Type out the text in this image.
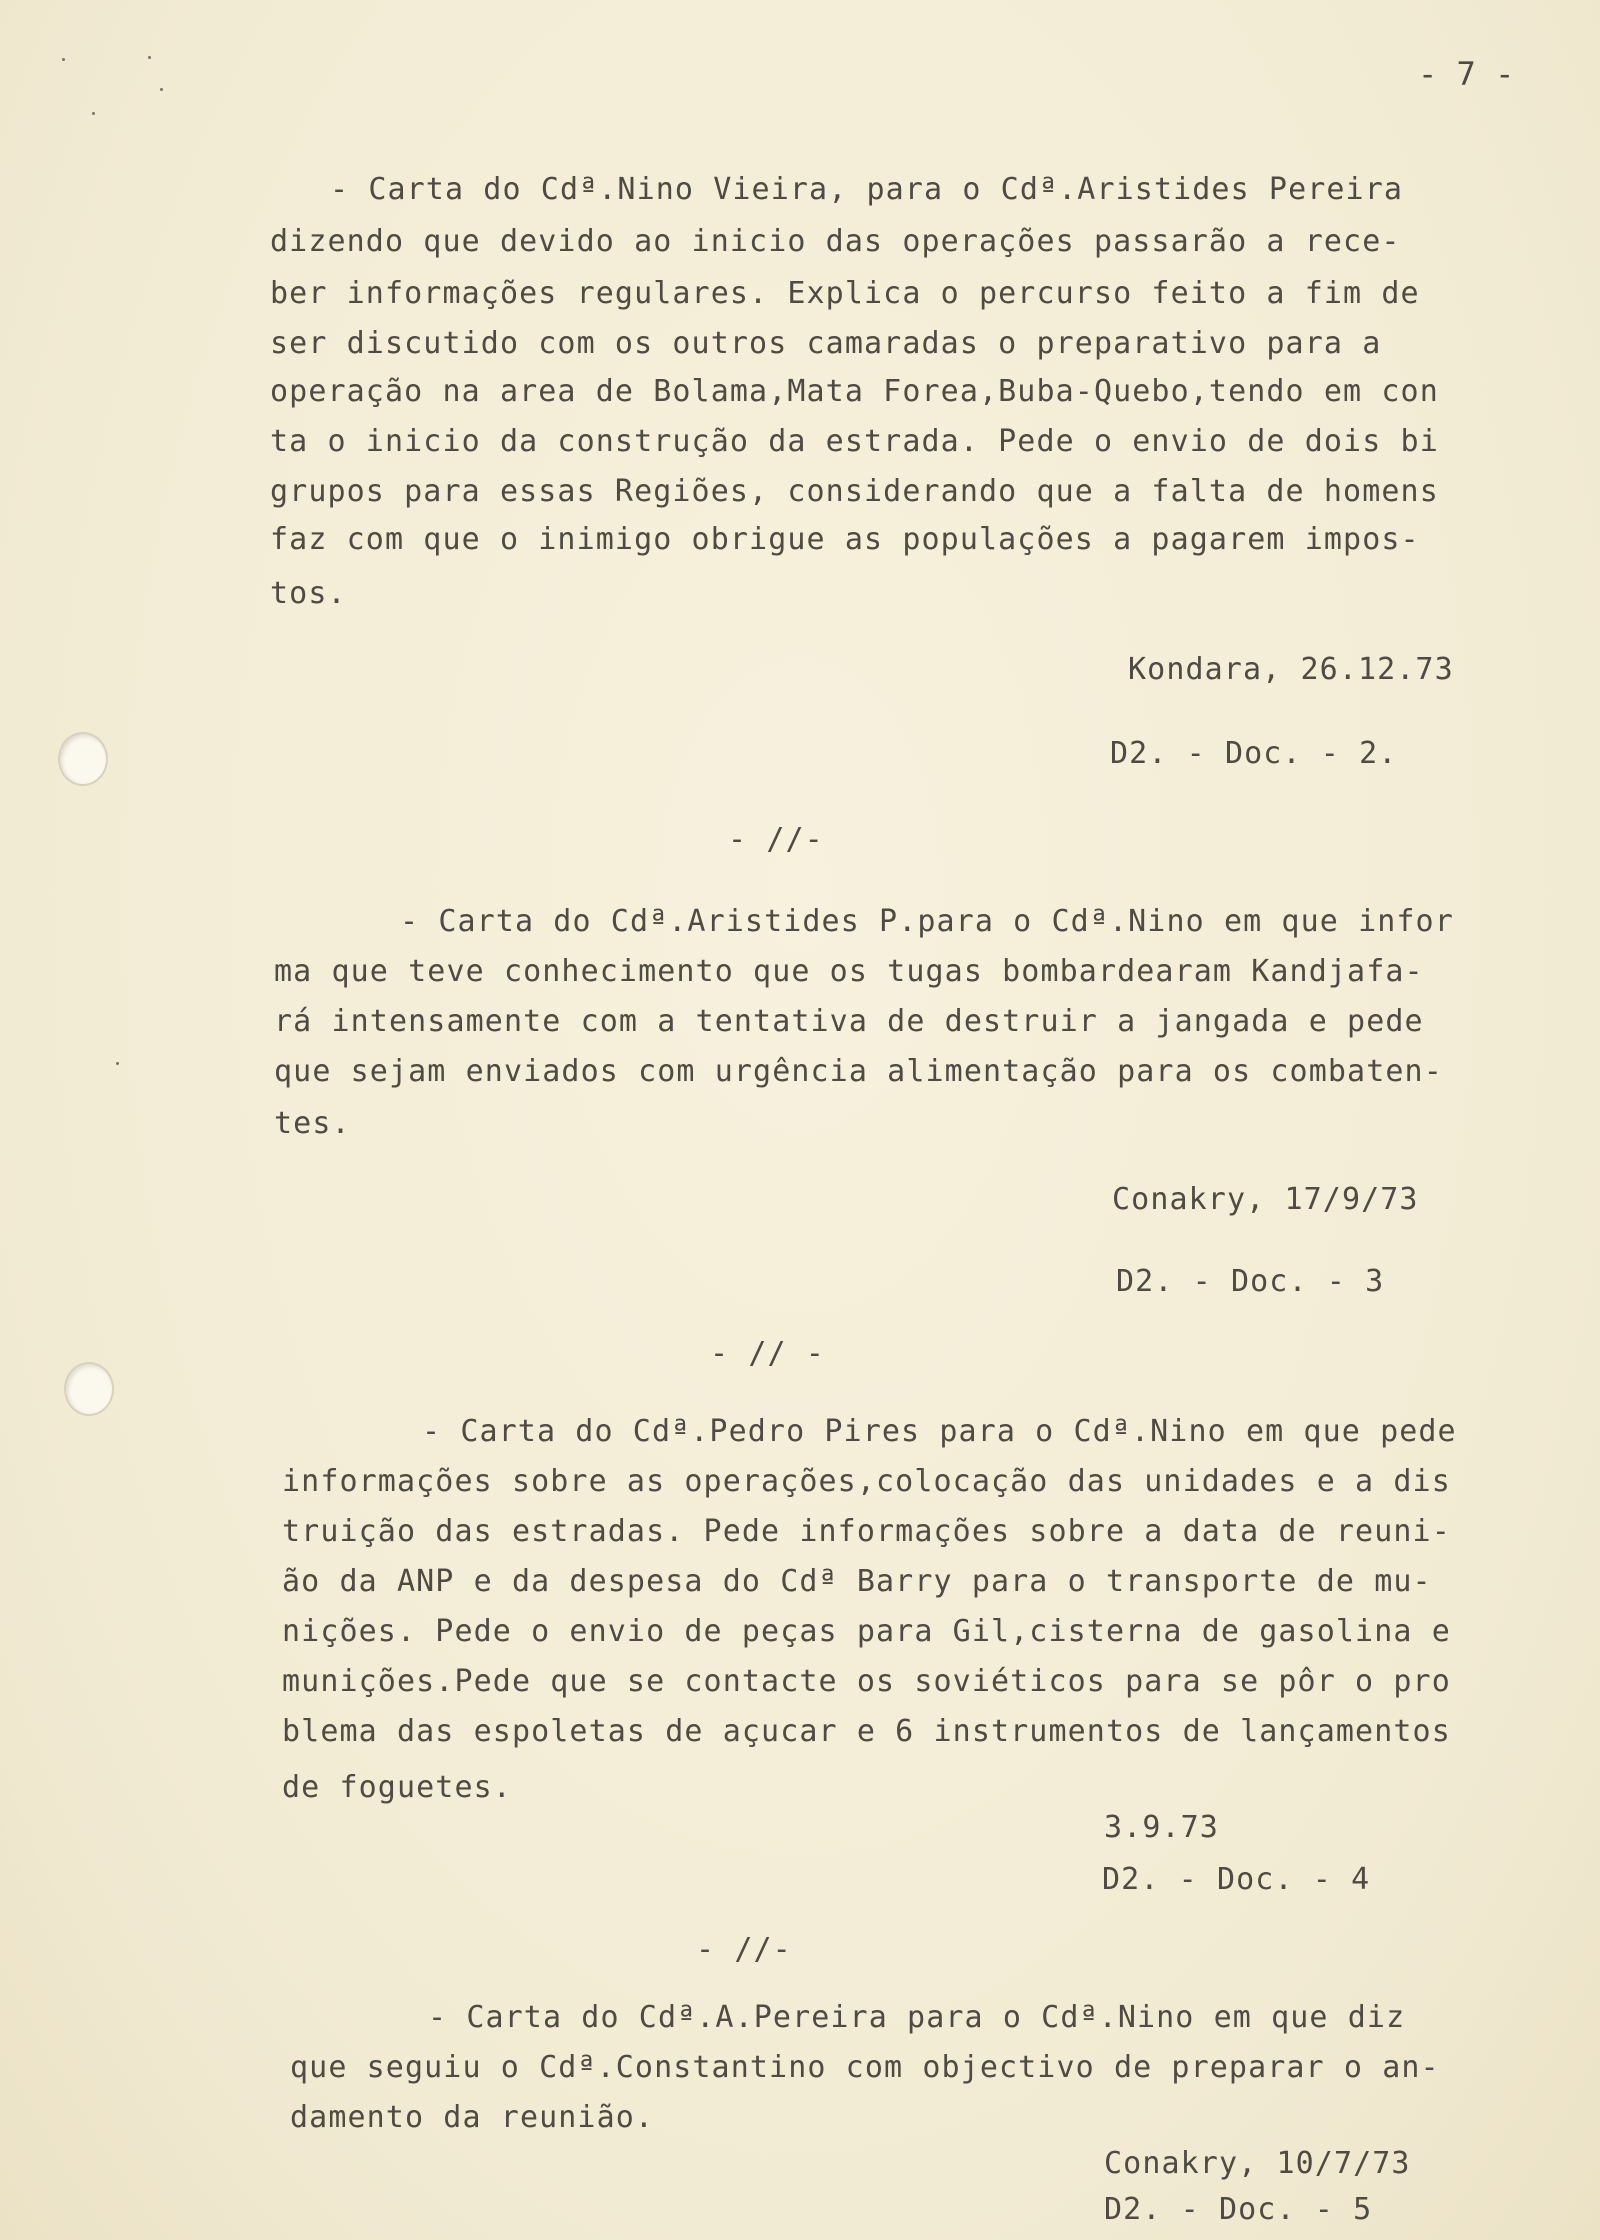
- 7 -
- Carta do Cdª.Nino Vieira, para o Cdª.Aristides Pereira
dizendo que devido ao inicio das operações passarão a rece-
ber informações regulares. Explica o percurso feito a fim de
ser discutido com os outros camaradas o preparativo para a
operação na area de Bolama,Mata Forea,Buba-Quebo,tendo em con
ta o inicio da construção da estrada. Pede o envio de dois bi
grupos para essas Regiões, considerando que a falta de homens
faz com que o inimigo obrigue as populações a pagarem impos-
tos.
Kondara, 26.12.73
D2. - Doc. - 2.
- //-
- Carta do Cdª.Aristides P.para o Cdª.Nino em que infor
ma que teve conhecimento que os tugas bombardearam Kandjafa-
rá intensamente com a tentativa de destruir a jangada e pede
que sejam enviados com urgência alimentação para os combaten-
tes.
Conakry, 17/9/73
D2. - Doc. - 3
- // -
- Carta do Cdª.Pedro Pires para o Cdª.Nino em que pede
informações sobre as operações,colocação das unidades e a dis
truição das estradas. Pede informações sobre a data de reuni-
ão da ANP e da despesa do Cdª Barry para o transporte de mu-
nições. Pede o envio de peças para Gil,cisterna de gasolina e
munições.Pede que se contacte os soviéticos para se pôr o pro
blema das espoletas de açucar e 6 instrumentos de lançamentos
de foguetes.
3.9.73
D2. - Doc. - 4
- //-
- Carta do Cdª.A.Pereira para o Cdª.Nino em que diz
que seguiu o Cdª.Constantino com objectivo de preparar o an-
damento da reunião.
Conakry, 10/7/73
D2. - Doc. - 5
